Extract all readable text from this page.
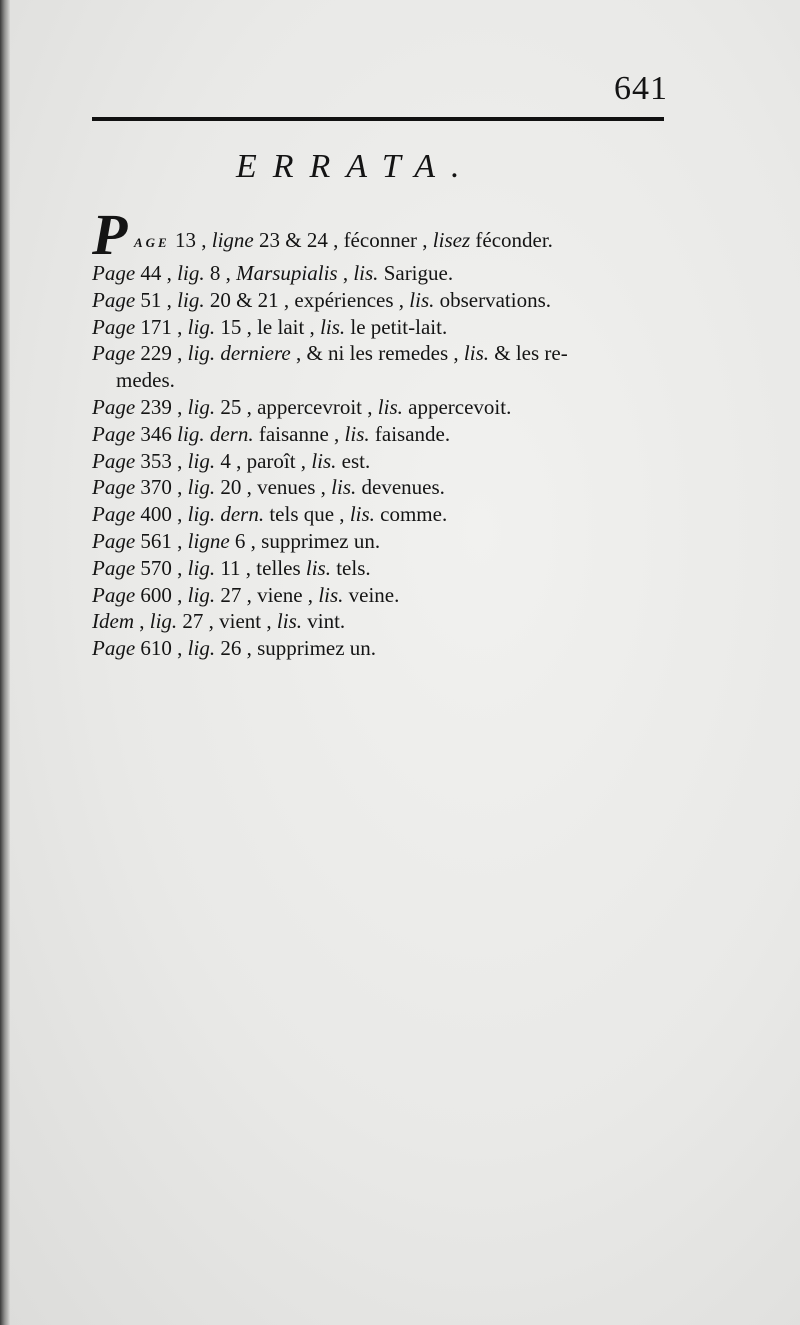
641
ERRATA.
P AGE 13 , ligne 23 & 24 , féconner , lisez féconder.
Page 44 , lig. 8 , Marsupialis , lis. Sarigue.
Page 51 , lig. 20 & 21 , expériences , lis. observations.
Page 171 , lig. 15 , le lait , lis. le petit-lait.
Page 229 , lig. derniere , & ni les remedes , lis. & les re-
medes.
Page 239 , lig. 25 , appercevroit , lis. appercevoit.
Page 346 lig. dern. faisanne , lis. faisande.
Page 353 , lig. 4 , paroît , lis. est.
Page 370 , lig. 20 , venues , lis. devenues.
Page 400 , lig. dern. tels que , lis. comme.
Page 561 , ligne 6 , supprimez un.
Page 570 , lig. 11 , telles lis. tels.
Page 600 , lig. 27 , viene , lis. veine.
Idem , lig. 27 , vient , lis. vint.
Page 610 , lig. 26 , supprimez un.
